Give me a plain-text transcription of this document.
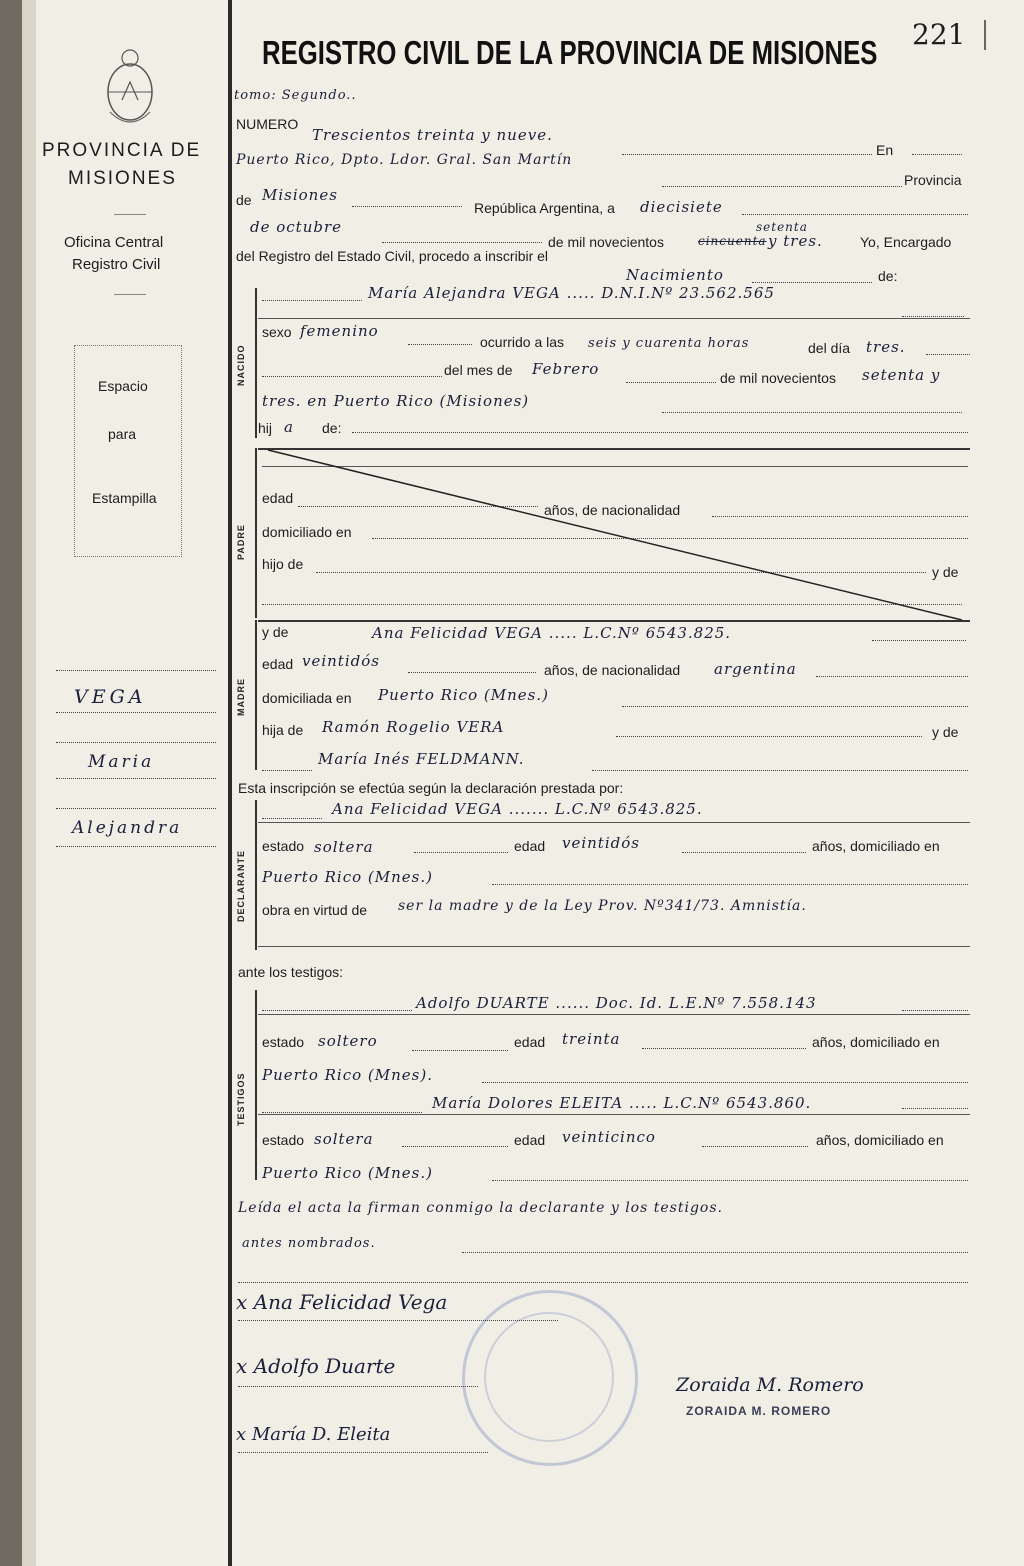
PROVINCIA DE
MISIONES
Oficina Central
Registro Civil
Espacio
para
Estampilla
VEGA
Maria
Alejandra
221
REGISTRO CIVIL DE LA PROVINCIA DE MISIONES
tomo: Segundo..
NUMERO
Trescientos treinta y nueve.
En
Puerto Rico, Dpto. Ldor. Gral. San Martín
Provincia
de Misiones
República Argentina, a diecisiete
de octubre
de mil novecientos
setenta
cincuenta y tres.	Yo, Encargado
del Registro del Estado Civil, procedo a inscribir el
Nacimiento	de:
NACIDO
María Alejandra VEGA ..... D.N.I.Nº 23.562.565
sexo femenino
ocurrido a las seis y cuarenta horas	del día tres.
del mes de Febrero	de mil novecientos setenta y
tres. en Puerto Rico (Misiones)
hij a de:
PADRE
edad
años, de nacionalidad
domiciliado en
hijo de	y de
MADRE
y de	Ana Felicidad VEGA ..... L.C.Nº 6543.825.
edad veintidós	años, de nacionalidad argentina
domiciliada en Puerto Rico (Mnes.)
hija de Ramón Rogelio VERA	y de
María Inés FELDMANN.
Esta inscripción se efectúa según la declaración prestada por:
DECLARANTE
Ana Felicidad VEGA ....... L.C.Nº 6543.825.
estado soltera	edad veintidós	años, domiciliado en
Puerto Rico (Mnes.)
obra en virtud de ser la madre y de la Ley Prov. Nº341/73. Amnistía.
ante los testigos:
TESTIGOS
Adolfo DUARTE ...... Doc. Id. L.E.Nº 7.558.143
estado soltero	edad treinta	años, domiciliado en
Puerto Rico (Mnes).
María Dolores ELEITA ..... L.C.Nº 6543.860.
estado soltera	edad veinticinco	años, domiciliado en
Puerto Rico (Mnes.)
Leída el acta la firman conmigo la declarante y los testigos.
antes nombrados.
x Ana Felicidad Vega
x Adolfo Duarte
x María D. Eleita
Zoraida M. Romero
ZORAIDA M. ROMERO
